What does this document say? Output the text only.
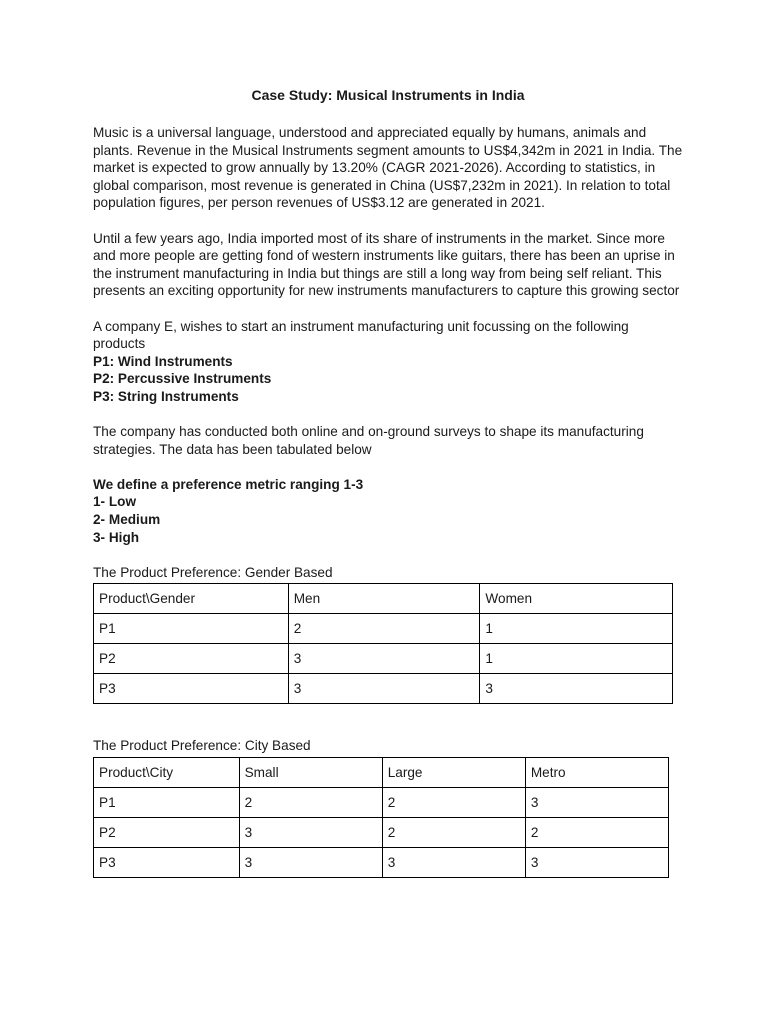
Case Study: Musical Instruments in India

Music is a universal language, understood and appreciated equally by humans, animals and plants. Revenue in the Musical Instruments segment amounts to US$4,342m in 2021 in India. The market is expected to grow annually by 13.20% (CAGR 2021-2026). According to statistics, in global comparison, most revenue is generated in China (US$7,232m in 2021). In relation to total population figures, per person revenues of US$3.12 are generated in 2021.

Until a few years ago, India imported most of its share of instruments in the market. Since more and more people are getting fond of western instruments like guitars, there has been an uprise in the instrument manufacturing in India but things are still a long way from being self reliant. This presents an exciting opportunity for new instruments manufacturers to capture this growing sector

A company E, wishes to start an instrument manufacturing unit focussing on the following products

P1: Wind Instruments

P2: Percussive Instruments

P3: String Instruments

The company has conducted both online and on-ground surveys to shape its manufacturing strategies. The data has been tabulated below

We define a preference metric ranging 1-3

1- Low

2- Medium

3- High

The Product Preference: Gender Based

Product\Gender	Men	Women
P1	2	1
P2	3	1
P3	3	3

The Product Preference: City Based

Product\City	Small	Large	Metro
P1	2	2	3
P2	3	2	2
P3	3	3	3
